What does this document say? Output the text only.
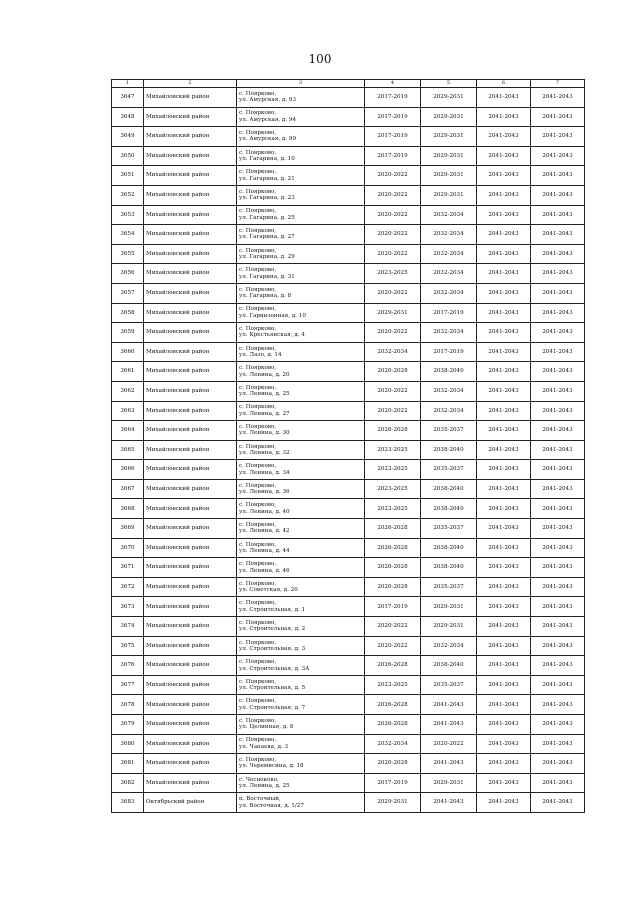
100
1	2	3	4	5	6	7
3647	Михайловский район	с. Поярково,
ул. Амурская, д. 93	2017-2019	2029-2031	2041-2043	2041-2043
3648	Михайловский район	с. Поярково,
ул. Амурская, д. 94	2017-2019	2029-2031	2041-2043	2041-2043
3649	Михайловский район	с. Поярково,
ул. Амурская, д. 99	2017-2019	2029-2031	2041-2043	2041-2043
3650	Михайловский район	с. Поярково,
ул. Гагарина, д. 10	2017-2019	2029-2031	2041-2043	2041-2043
3651	Михайловский район	с. Поярково,
ул. Гагарина, д. 21	2020-2022	2029-2031	2041-2043	2041-2043
3652	Михайловский район	с. Поярково,
ул. Гагарина, д. 23	2020-2022	2029-2031	2041-2043	2041-2043
3653	Михайловский район	с. Поярково,
ул. Гагарина, д. 25	2020-2022	2032-2034	2041-2043	2041-2043
3654	Михайловский район	с. Поярково,
ул. Гагарина, д. 27	2020-2022	2032-2034	2041-2043	2041-2043
3655	Михайловский район	с. Поярково,
ул. Гагарина, д. 29	2020-2022	2032-2034	2041-2043	2041-2043
3656	Михайловский район	с. Поярково,
ул. Гагарина, д. 31	2023-2025	2032-2034	2041-2043	2041-2043
3657	Михайловский район	с. Поярково,
ул. Гагарина, д. 8	2020-2022	2032-2034	2041-2043	2041-2043
3658	Михайловский район	с. Поярково,
ул. Гарнизонная, д. 10	2029-2031	2017-2019	2041-2043	2041-2043
3659	Михайловский район	с. Поярково,
ул. Крестьянская, д. 4	2020-2022	2032-2034	2041-2043	2041-2043
3660	Михайловский район	с. Поярково,
ул. Лазо, д. 14	2032-2034	2017-2019	2041-2043	2041-2043
3661	Михайловский район	с. Поярково,
ул. Ленина, д. 20	2026-2028	2038-2040	2041-2043	2041-2043
3662	Михайловский район	с. Поярково,
ул. Ленина, д. 25	2020-2022	2032-2034	2041-2043	2041-2043
3663	Михайловский район	с. Поярково,
ул. Ленина, д. 27	2020-2022	2032-2034	2041-2043	2041-2043
3664	Михайловский район	с. Поярково,
ул. Ленина, д. 30	2026-2028	2035-2037	2041-2043	2041-2043
3665	Михайловский район	с. Поярково,
ул. Ленина, д. 32	2023-2025	2038-2040	2041-2043	2041-2043
3666	Михайловский район	с. Поярково,
ул. Ленина, д. 34	2023-2025	2035-2037	2041-2043	2041-2043
3667	Михайловский район	с. Поярково,
ул. Ленина, д. 36	2023-2025	2038-2040	2041-2043	2041-2043
3668	Михайловский район	с. Поярково,
ул. Ленина, д. 40	2023-2025	2038-2040	2041-2043	2041-2043
3669	Михайловский район	с. Поярково,
ул. Ленина, д. 42	2026-2028	2035-2037	2041-2043	2041-2043
3670	Михайловский район	с. Поярково,
ул. Ленина, д. 44	2026-2028	2038-2040	2041-2043	2041-2043
3671	Михайловский район	с. Поярково,
ул. Ленина, д. 46	2026-2028	2038-2040	2041-2043	2041-2043
3672	Михайловский район	с. Поярково,
ул. Советская, д. 20	2026-2028	2035-2037	2041-2043	2041-2043
3673	Михайловский район	с. Поярково,
ул. Строительная, д. 1	2017-2019	2029-2031	2041-2043	2041-2043
3674	Михайловский район	с. Поярково,
ул. Строительная, д. 2	2020-2022	2029-2031	2041-2043	2041-2043
3675	Михайловский район	с. Поярково,
ул. Строительная, д. 3	2020-2022	2032-2034	2041-2043	2041-2043
3676	Михайловский район	с. Поярково,
ул. Строительная, д. 3А	2026-2028	2038-2040	2041-2043	2041-2043
3677	Михайловский район	с. Поярково,
ул. Строительная, д. 5	2023-2025	2035-2037	2041-2043	2041-2043
3678	Михайловский район	с. Поярково,
ул. Строительная, д. 7	2026-2028	2041-2043	2041-2043	2041-2043
3679	Михайловский район	с. Поярково,
ул. Целинная, д. 8	2026-2028	2041-2043	2041-2043	2041-2043
3680	Михайловский район	с. Поярково,
ул. Чапаева, д. 3	2032-2034	2020-2022	2041-2043	2041-2043
3681	Михайловский район	с. Поярково,
ул. Черемисина, д. 18	2026-2028	2041-2043	2041-2043	2041-2043
3682	Михайловский район	с. Чесноково,
ул. Ленина, д. 25	2017-2019	2029-2031	2041-2043	2041-2043
3683	Октябрьский район	п. Восточный,
ул. Восточная, д. 1/27	2029-2031	2041-2043	2041-2043	2041-2043
